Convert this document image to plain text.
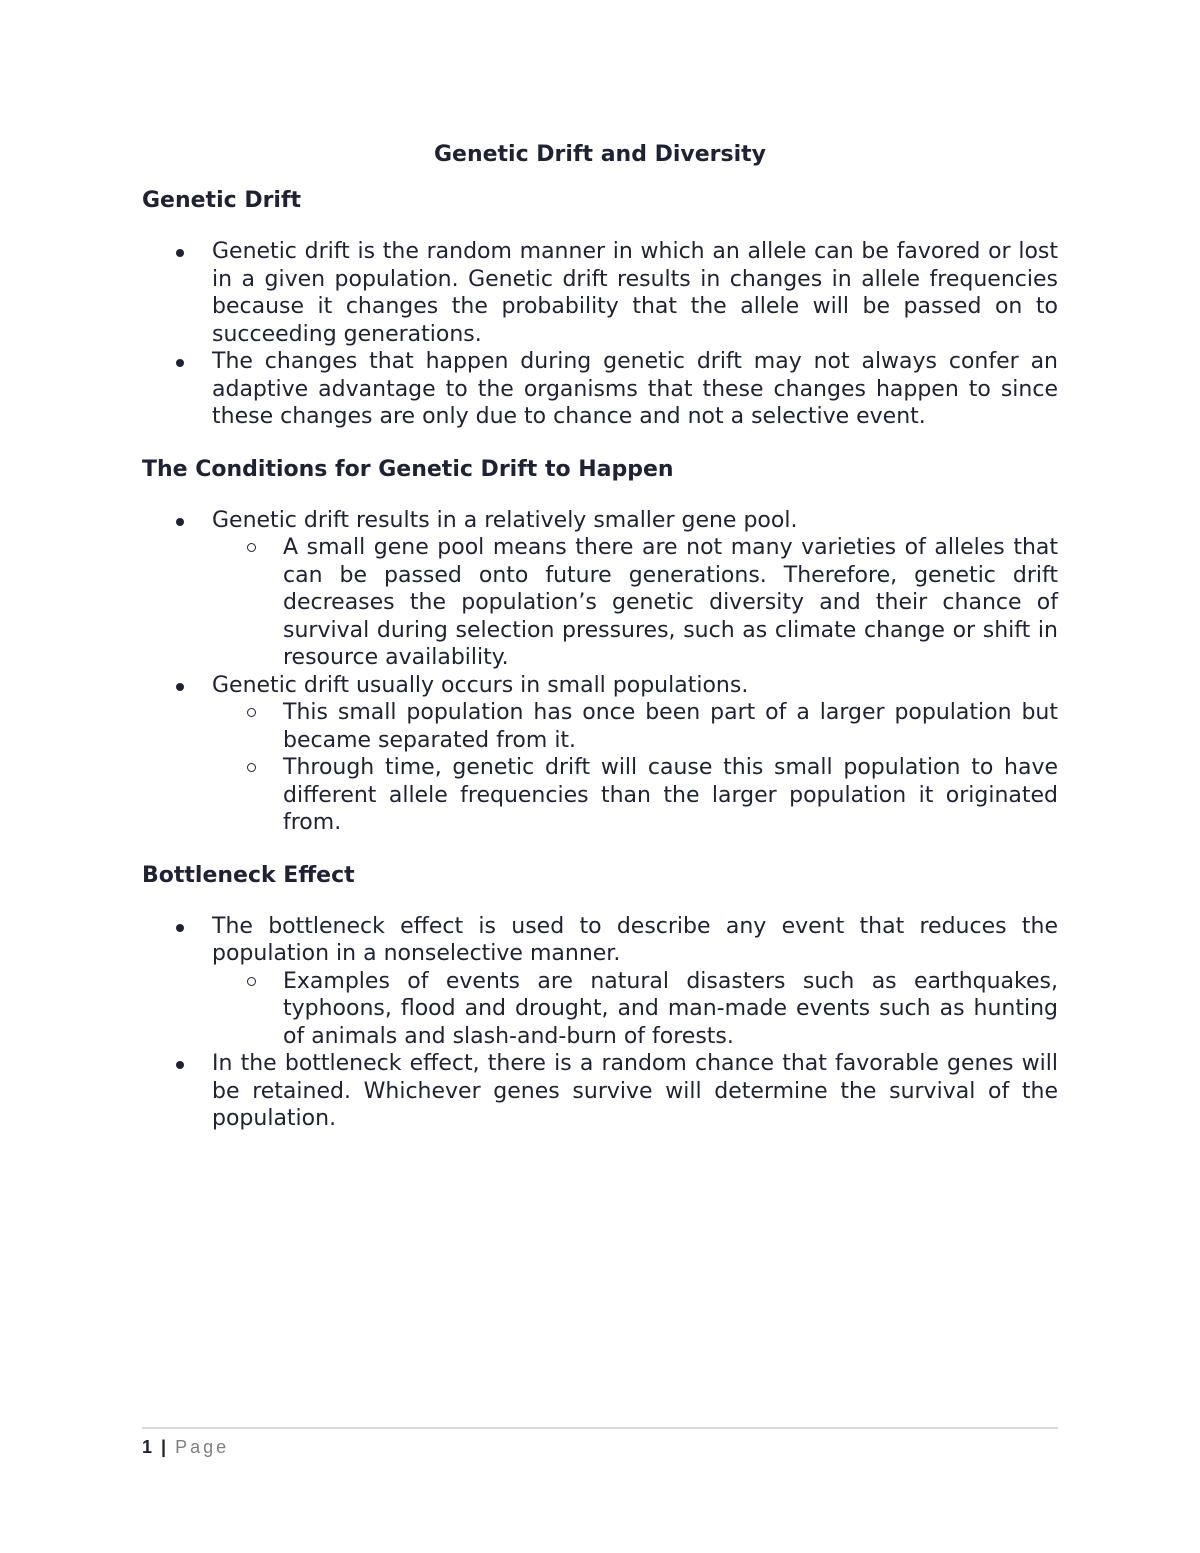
Genetic Drift and Diversity
Genetic Drift
Genetic drift is the random manner in which an allele can be favored or lost in a given population. Genetic drift results in changes in allele frequencies because it changes the probability that the allele will be passed on to succeeding generations.
The changes that happen during genetic drift may not always confer an adaptive advantage to the organisms that these changes happen to since these changes are only due to chance and not a selective event.
The Conditions for Genetic Drift to Happen
Genetic drift results in a relatively smaller gene pool.
A small gene pool means there are not many varieties of alleles that can be passed onto future generations. Therefore, genetic drift decreases the population’s genetic diversity and their chance of survival during selection pressures, such as climate change or shift in resource availability.
Genetic drift usually occurs in small populations.
This small population has once been part of a larger population but became separated from it.
Through time, genetic drift will cause this small population to have different allele frequencies than the larger population it originated from.
Bottleneck Effect
The bottleneck effect is used to describe any event that reduces the population in a nonselective manner.
Examples of events are natural disasters such as earthquakes, typhoons, flood and drought, and man-made events such as hunting of animals and slash-and-burn of forests.
In the bottleneck effect, there is a random chance that favorable genes will be retained. Whichever genes survive will determine the survival of the population.
1 | Page
